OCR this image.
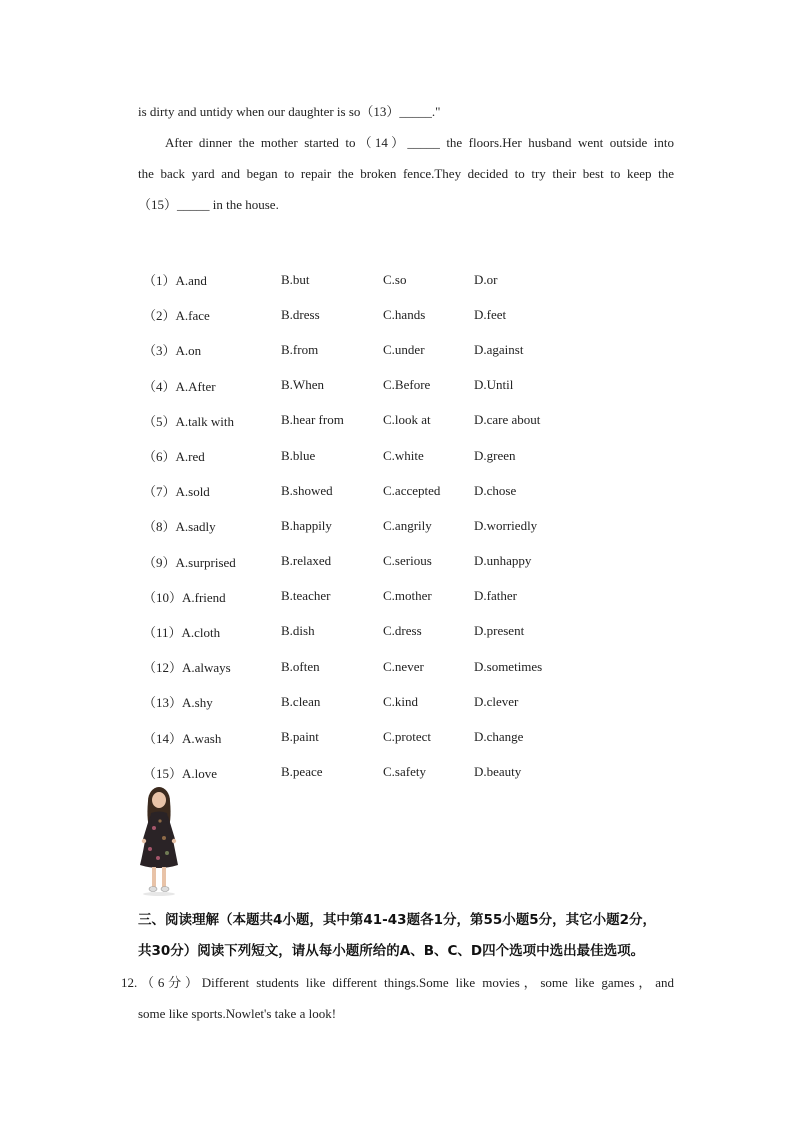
is dirty and untidy when our daughter is so（13）_____."
After dinner the mother started to（14）_____ the floors.Her husband went outside into
the back yard and began to repair the broken fence.They decided to try their best to keep the
（15）_____ in the house.
（1）A.and	B.but	C.so	D.or
（2）A.face	B.dress	C.hands	D.feet
（3）A.on	B.from	C.under	D.against
（4）A.After	B.When	C.Before	D.Until
（5）A.talk with	B.hear from	C.look at	D.care about
（6）A.red	B.blue	C.white	D.green
（7）A.sold	B.showed	C.accepted	D.chose
（8）A.sadly	B.happily	C.angrily	D.worriedly
（9）A.surprised	B.relaxed	C.serious	D.unhappy
（10）A.friend	B.teacher	C.mother	D.father
（11）A.cloth	B.dish	C.dress	D.present
（12）A.always	B.often	C.never	D.sometimes
（13）A.shy	B.clean	C.kind	D.clever
（14）A.wash	B.paint	C.protect	D.change
（15）A.love	B.peace	C.safety	D.beauty
三、阅读理解（本题共4小题，其中第41-43题各1分，第55小题5分，其它小题2分，
共30分）阅读下列短文，请从每小题所给的A、B、C、D四个选项中选出最佳选项。
12.（6分）Different students like different things.Some like movies，some like games，and
some like sports.Nowlet's take a look!
